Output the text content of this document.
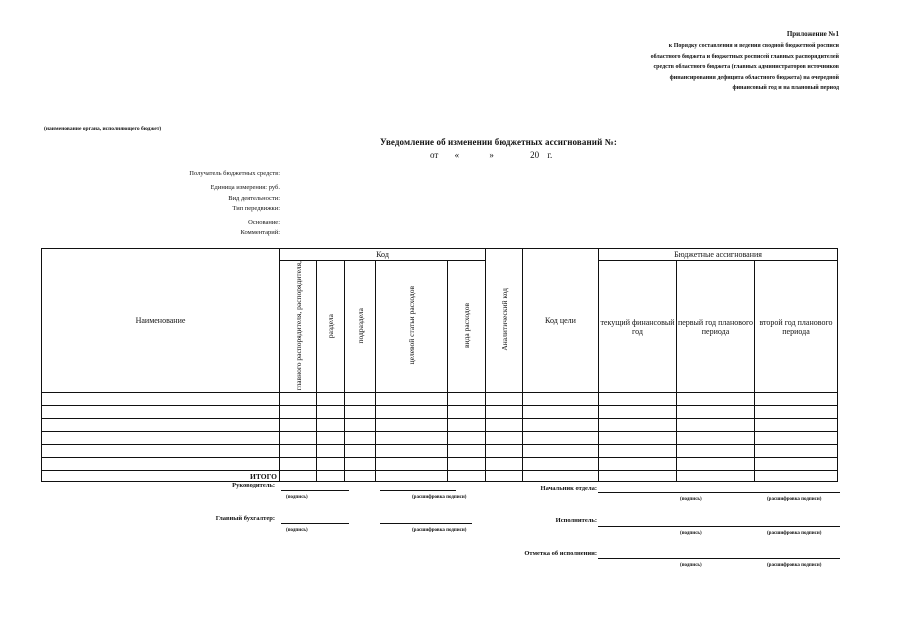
Приложение №1
к Порядку составления и ведения сводной бюджетной росписи областного бюджета и бюджетных росписей главных распорядителей средств областного бюджета (главных администраторов источников финансирования дефицита областного бюджета) на очередной финансовый год и на плановый период
(наименование органа, исполняющего бюджет)
Уведомление об изменении бюджетных ассигнований №:
от «	»	20 г.
Получатель бюджетных средств:
Единица измерения: руб.
Вид деятельности:
Тип передвижки:
Основание:
Комментарий:
Наименование	Код					Аналитический код	Код цели	Бюджетные ассигнования		
	главного распорядителя, распорядителя,	раздела	подраздела	целевой статьи расходов	вида расходов			текущий финансовый год	первый год планового периода	второй год планового периода

ИТОГО										
Руководитель:
(подпись)	(расшифровка подписи)
Главный бухгалтер:
(подпись)	(расшифровка подписи)
Начальник отдела:
(подпись)	(расшифровка подписи)
Исполнитель:
(подпись)	(расшифровка подписи)
Отметка об исполнении:
(подпись)	(расшифровка подписи)
